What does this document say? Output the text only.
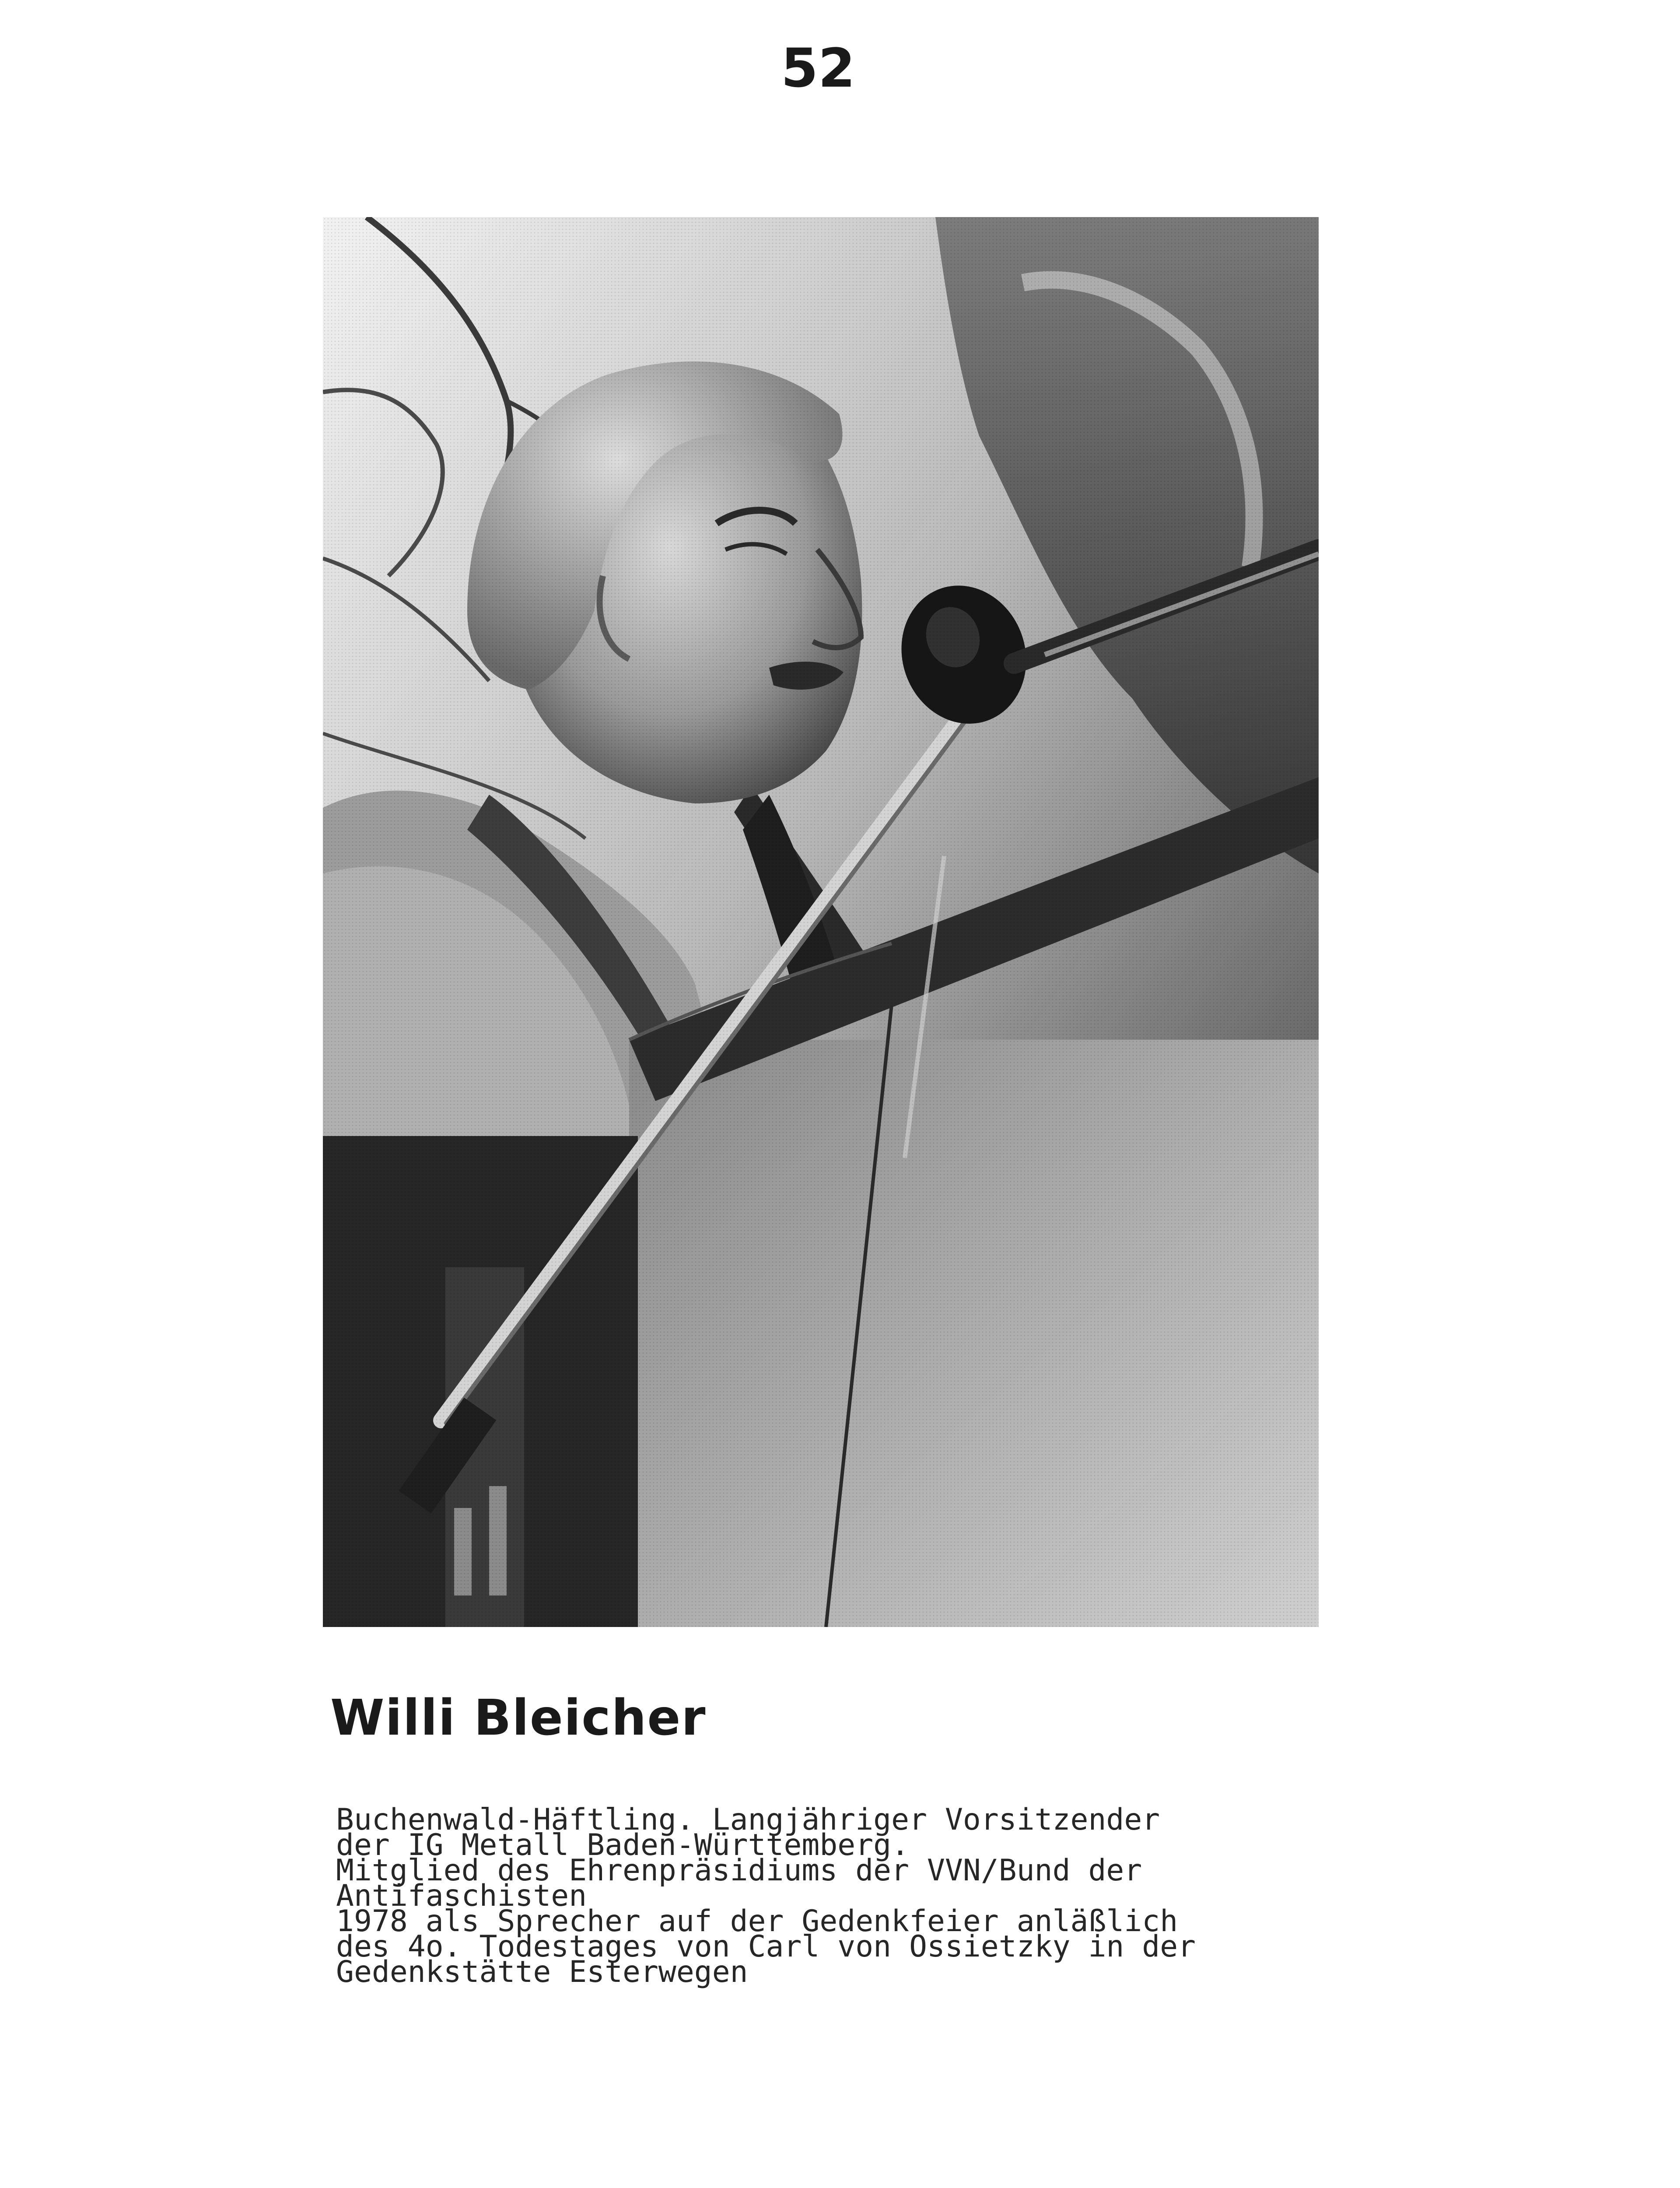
52
Willi Bleicher
Buchenwald-Häftling. Langjähriger Vorsitzender
der IG Metall Baden-Württemberg.
Mitglied des Ehrenpräsidiums der VVN/Bund der
Antifaschisten
1978 als Sprecher auf der Gedenkfeier anläßlich
des 4o. Todestages von Carl von Ossietzky in der
Gedenkstätte Esterwegen
